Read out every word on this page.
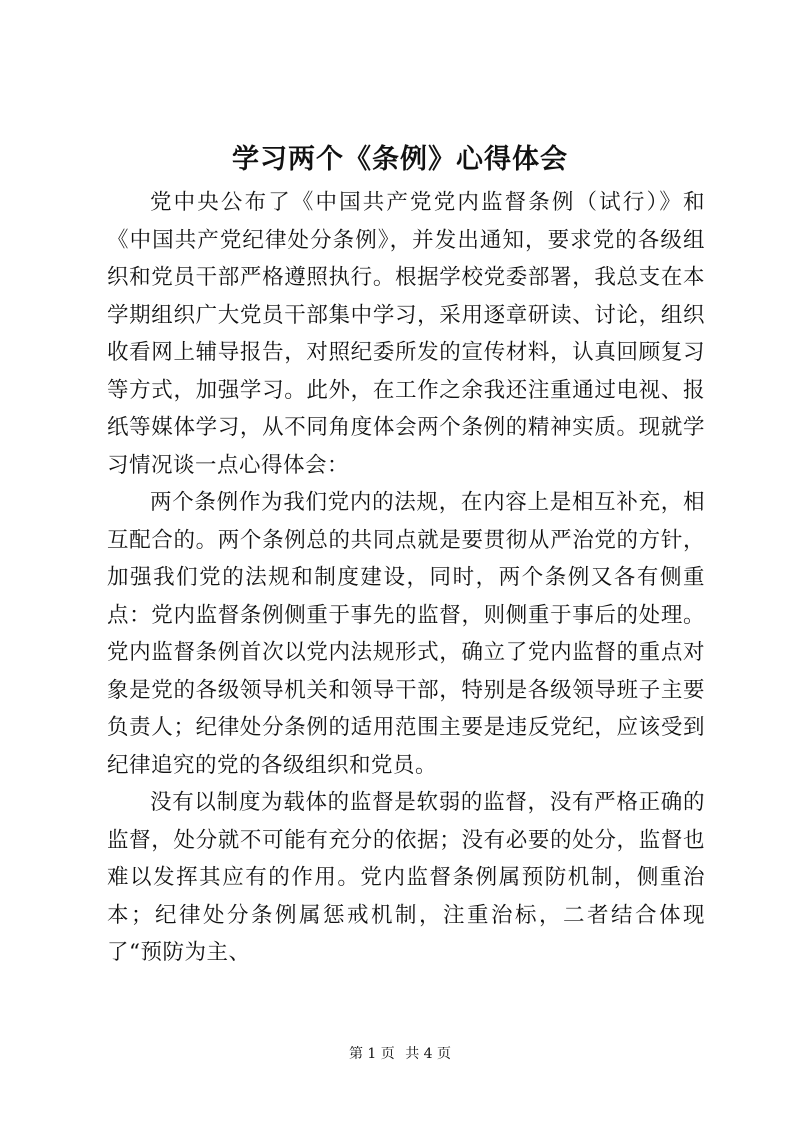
学习两个《条例》心得体会

党中央公布了《中国共产党党内监督条例（试行）》和《中国共产党纪律处分条例》，并发出通知，要求党的各级组织和党员干部严格遵照执行。根据学校党委部署，我总支在本学期组织广大党员干部集中学习，采用逐章研读、讨论，组织收看网上辅导报告，对照纪委所发的宣传材料，认真回顾复习等方式，加强学习。此外，在工作之余我还注重通过电视、报纸等媒体学习，从不同角度体会两个条例的精神实质。现就学习情况谈一点心得体会：

两个条例作为我们党内的法规，在内容上是相互补充，相互配合的。两个条例总的共同点就是要贯彻从严治党的方针，加强我们党的法规和制度建设，同时，两个条例又各有侧重点：党内监督条例侧重于事先的监督，则侧重于事后的处理。党内监督条例首次以党内法规形式，确立了党内监督的重点对象是党的各级领导机关和领导干部，特别是各级领导班子主要负责人；纪律处分条例的适用范围主要是违反党纪，应该受到纪律追究的党的各级组织和党员。

没有以制度为载体的监督是软弱的监督，没有严格正确的监督，处分就不可能有充分的依据；没有必要的处分，监督也难以发挥其应有的作用。党内监督条例属预防机制，侧重治本；纪律处分条例属惩戒机制，注重治标，二者结合体现了“预防为主、

第 1 页 共 4 页
